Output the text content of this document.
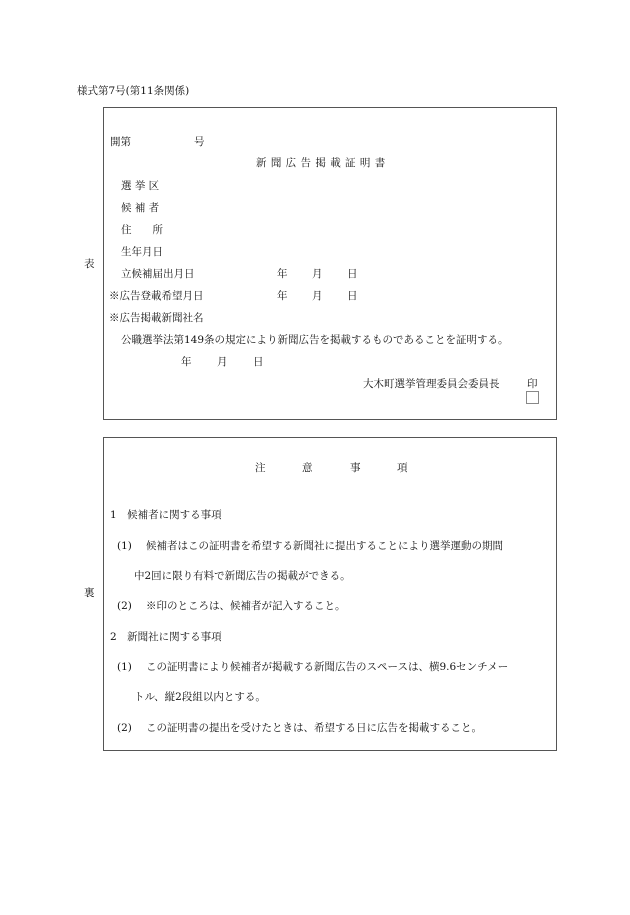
様式第7号(第11条関係)
表
開第	号
新 聞 広 告 掲 載 証 明 書
選 挙 区
候 補 者
住　　所
生年月日
立候補届出月日	年 月 日
※広告登載希望月日	年 月 日
※広告掲載新聞社名
公職選挙法第149条の規定により新聞広告を掲載するものであることを証明する。
年 月 日
大木町選挙管理委員会委員長	印
裏
注	意	事	項
1　候補者に関する事項
(1) 候補者はこの証明書を希望する新聞社に提出することにより選挙運動の期間
中2回に限り有料で新聞広告の掲載ができる。
(2) ※印のところは、候補者が記入すること。
2　新聞社に関する事項
(1) この証明書により候補者が掲載する新聞広告のスペースは、横9.6センチメー
トル、縦2段組以内とする。
(2) この証明書の提出を受けたときは、希望する日に広告を掲載すること。
